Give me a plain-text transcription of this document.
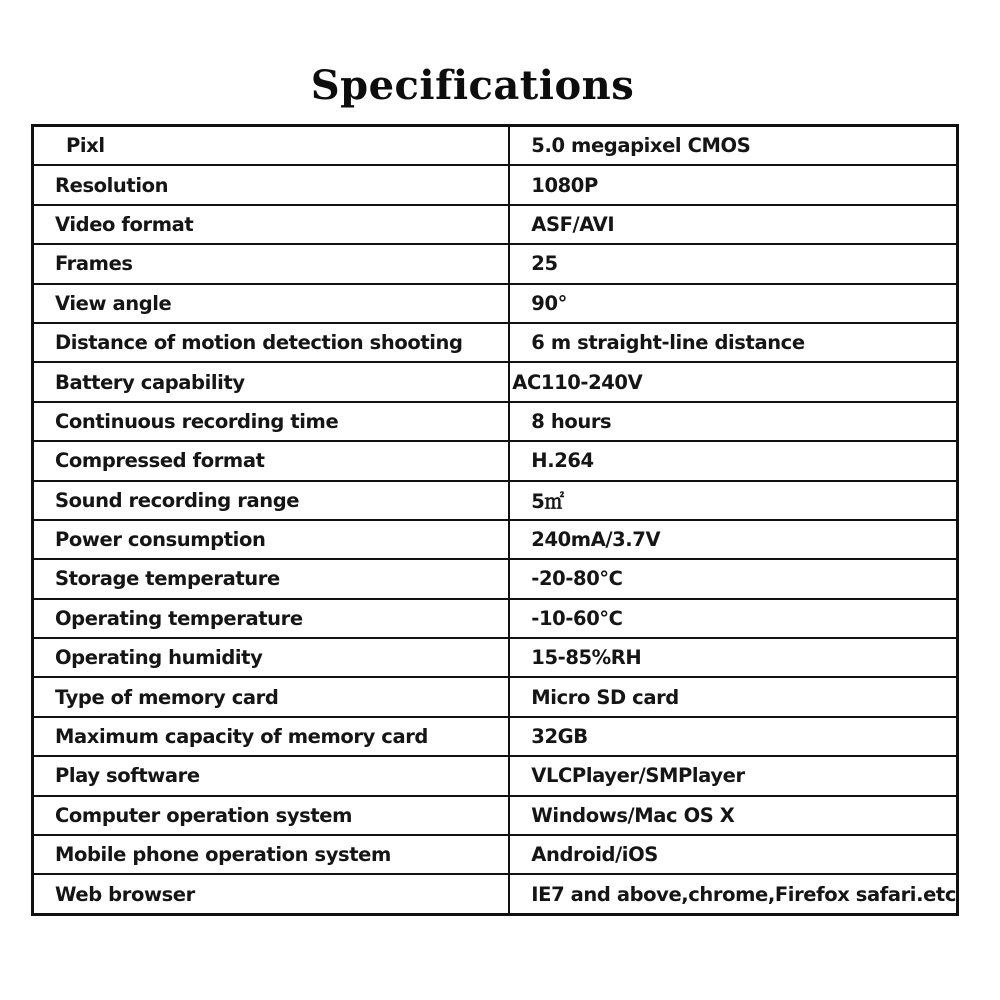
Specifications
Pixl	5.0 megapixel CMOS
Resolution	1080P
Video format	ASF/AVI
Frames	25
View angle	90°
Distance of motion detection shooting	6 m straight-line distance
Battery capability	AC110-240V
Continuous recording time	8 hours
Compressed format	H.264
Sound recording range	5㎡
Power consumption	240mA/3.7V
Storage temperature	-20-80℃
Operating temperature	-10-60℃
Operating humidity	15-85%RH
Type of memory card	Micro SD card
Maximum capacity of memory card	32GB
Play software	VLCPlayer/SMPlayer
Computer operation system	Windows/Mac OS X
Mobile phone operation system	Android/iOS
Web browser	IE7 and above,chrome,Firefox safari.etc
